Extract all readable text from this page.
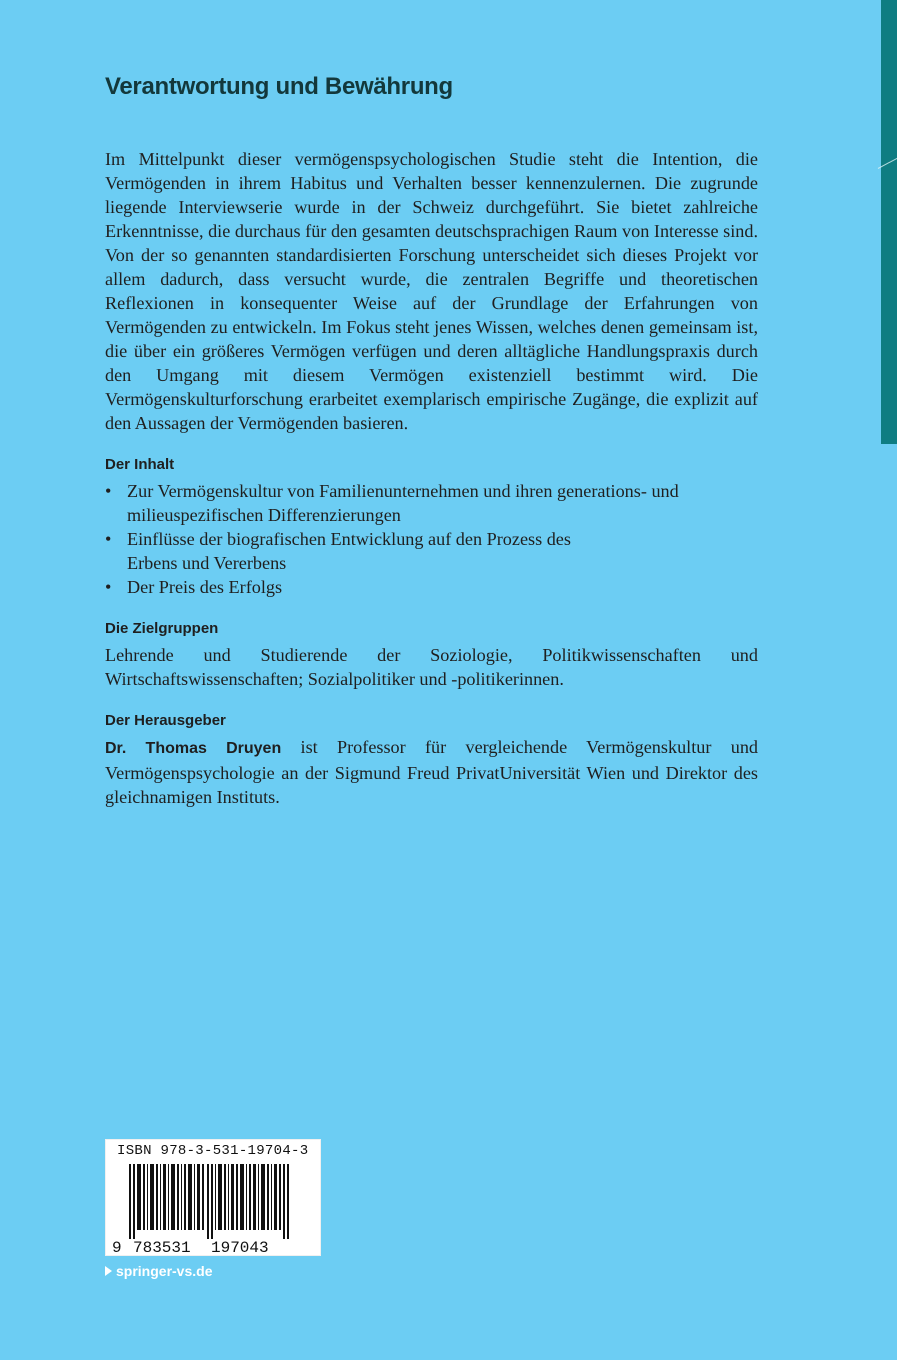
Verantwortung und Bewährung

Im Mittelpunkt dieser vermögenspsychologischen Studie steht die Intention, die Vermögenden in ihrem Habitus und Verhalten besser kennenzulernen. Die zugrunde liegende Interviewserie wurde in der Schweiz durchgeführt. Sie bietet zahlreiche Erkenntnisse, die durchaus für den gesamten deutschsprachigen Raum von Interesse sind. Von der so genannten standardisierten Forschung unterscheidet sich dieses Projekt vor allem dadurch, dass versucht wurde, die zentralen Begriffe und theoretischen Reflexionen in konsequenter Weise auf der Grundlage der Erfahrungen von Vermögenden zu entwickeln. Im Fokus steht jenes Wissen, welches denen gemeinsam ist, die über ein größeres Vermögen verfügen und deren alltägliche Handlungspraxis durch den Umgang mit diesem Vermögen existenziell bestimmt wird. Die Vermögenskulturforschung erarbeitet exemplarisch empirische Zugänge, die explizit auf den Aussagen der Vermögenden basieren.

Der Inhalt
• Zur Vermögenskultur von Familienunternehmen und ihren generations- und
milieuspezifischen Differenzierungen
• Einflüsse der biografischen Entwicklung auf den Prozess des
Erbens und Vererbens
• Der Preis des Erfolgs
Die Zielgruppen

Lehrende und Studierende der Soziologie, Politikwissenschaften und Wirtschaftswissenschaften; Sozialpolitiker und -politikerinnen.

Der Herausgeber

Dr. Thomas Druyen ist Professor für vergleichende Vermögenskultur und Vermögenspsychologie an der Sigmund Freud PrivatUniversität Wien und Direktor des gleichnamigen Instituts.

ISBN 978-3-531-19704-3
9 783531 197043
springer-vs.de
